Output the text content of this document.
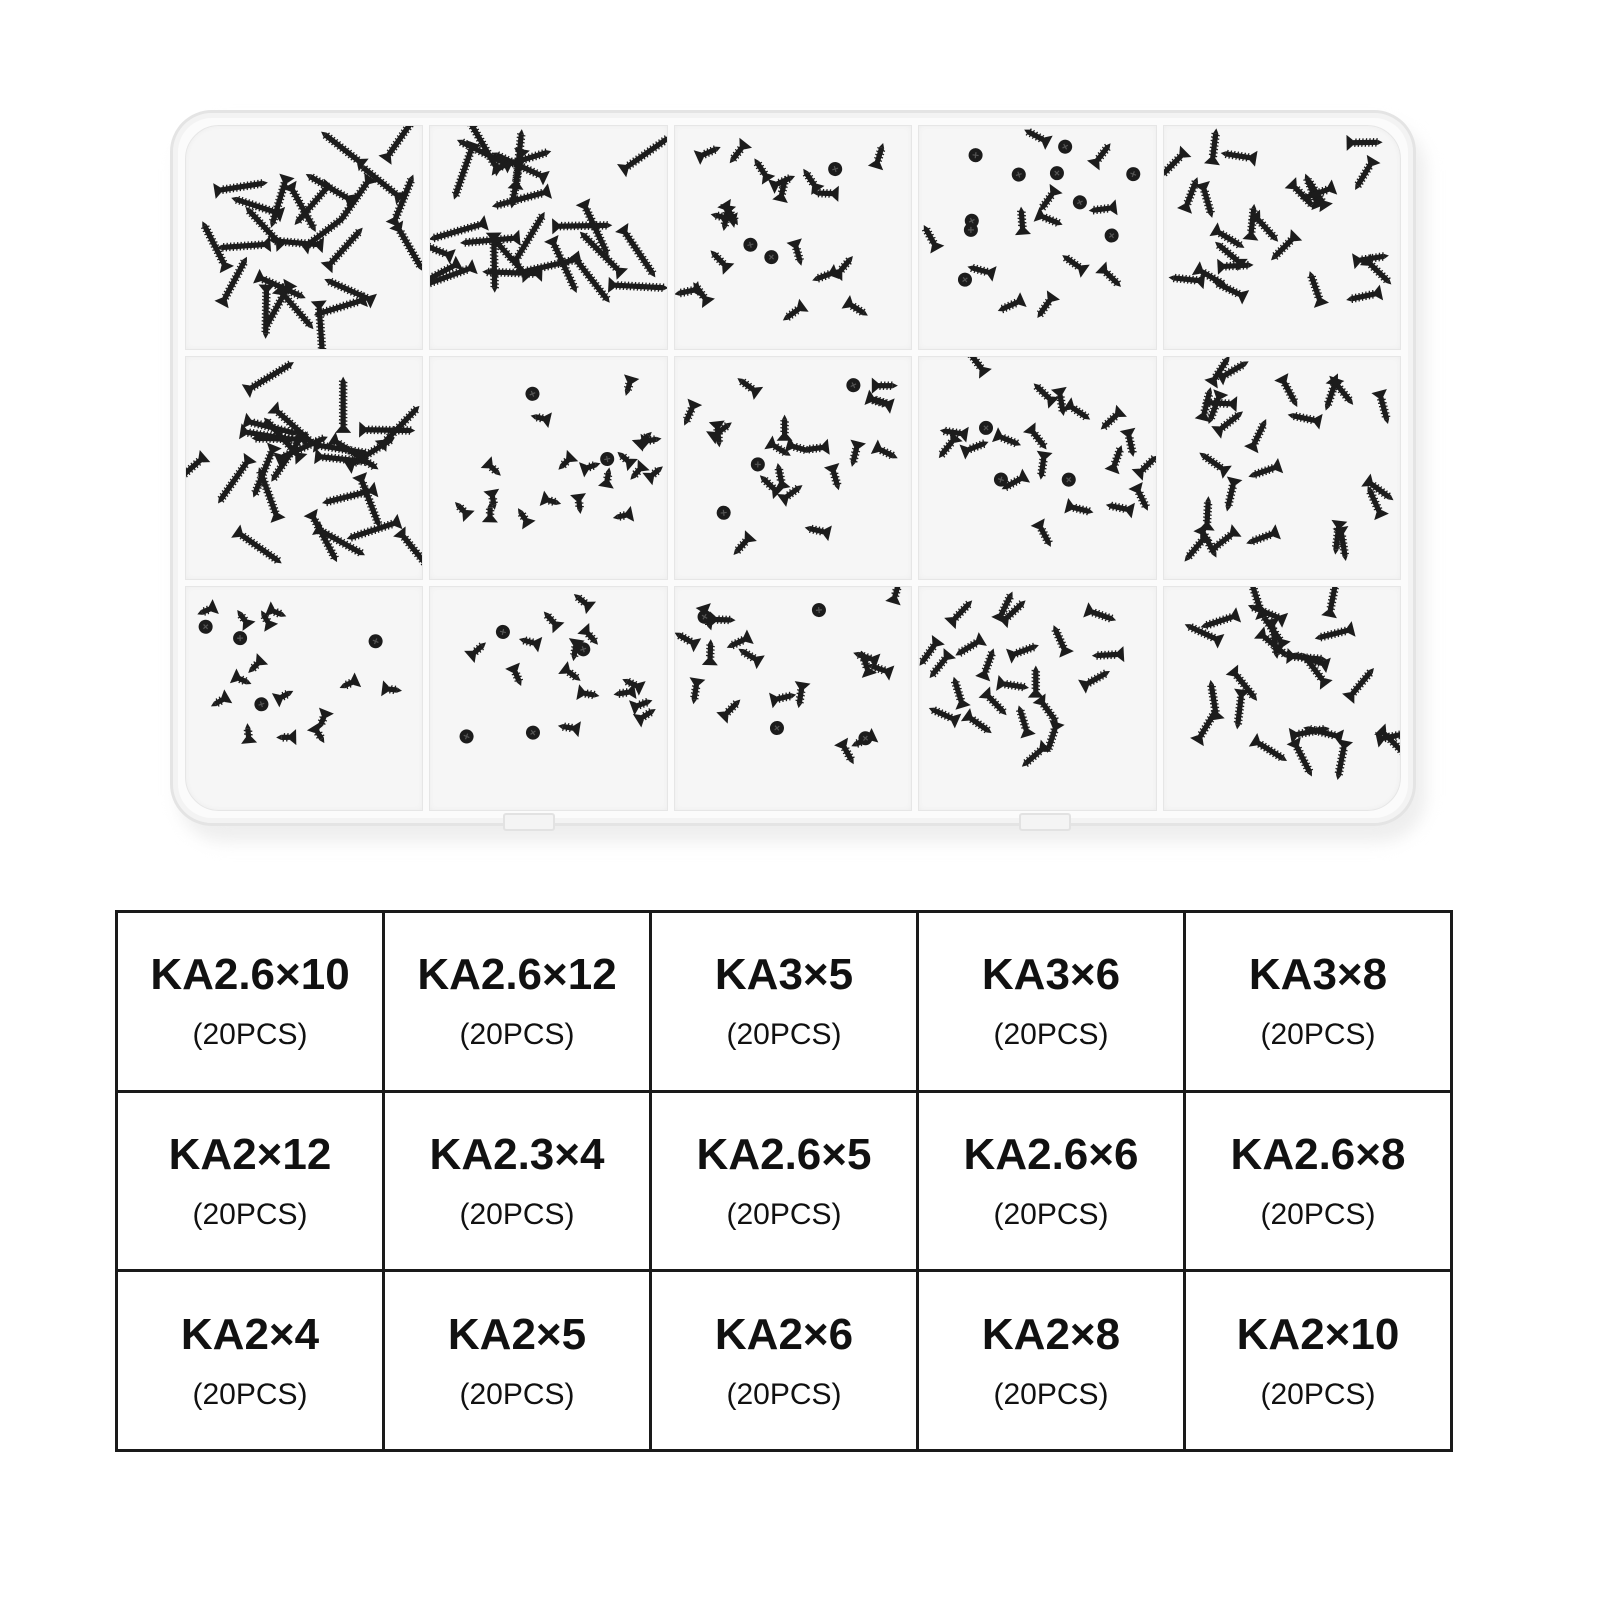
KA2.6×10
(20PCS)	KA2.6×12
(20PCS)	KA3×5
(20PCS)	KA3×6
(20PCS)	KA3×8
(20PCS)

KA2×12
(20PCS)	KA2.3×4
(20PCS)	KA2.6×5
(20PCS)	KA2.6×6
(20PCS)	KA2.6×8
(20PCS)

KA2×4
(20PCS)	KA2×5
(20PCS)	KA2×6
(20PCS)	KA2×8
(20PCS)	KA2×10
(20PCS)
